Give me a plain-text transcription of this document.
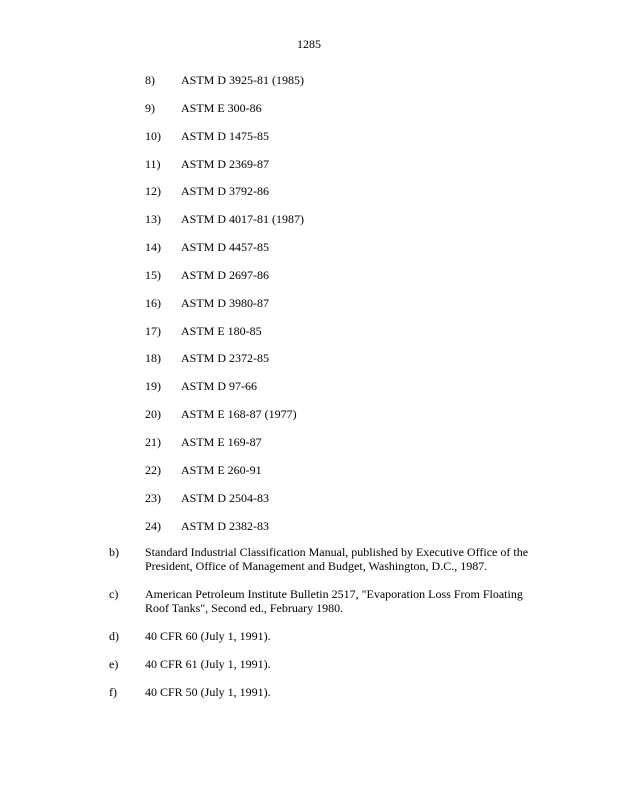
1285
8) ASTM D 3925-81 (1985)
9) ASTM E 300-86
10) ASTM D 1475-85
11) ASTM D 2369-87
12) ASTM D 3792-86
13) ASTM D 4017-81 (1987)
14) ASTM D 4457-85
15) ASTM D 2697-86
16) ASTM D 3980-87
17) ASTM E 180-85
18) ASTM D 2372-85
19) ASTM D 97-66
20) ASTM E 168-87 (1977)
21) ASTM E 169-87
22) ASTM E 260-91
23) ASTM D 2504-83
24) ASTM D 2382-83
b) Standard Industrial Classification Manual, published by Executive Office of the President, Office of Management and Budget, Washington, D.C., 1987.
c) American Petroleum Institute Bulletin 2517, "Evaporation Loss From Floating Roof Tanks", Second ed., February 1980.
d) 40 CFR 60 (July 1, 1991).
e) 40 CFR 61 (July 1, 1991).
f) 40 CFR 50 (July 1, 1991).
